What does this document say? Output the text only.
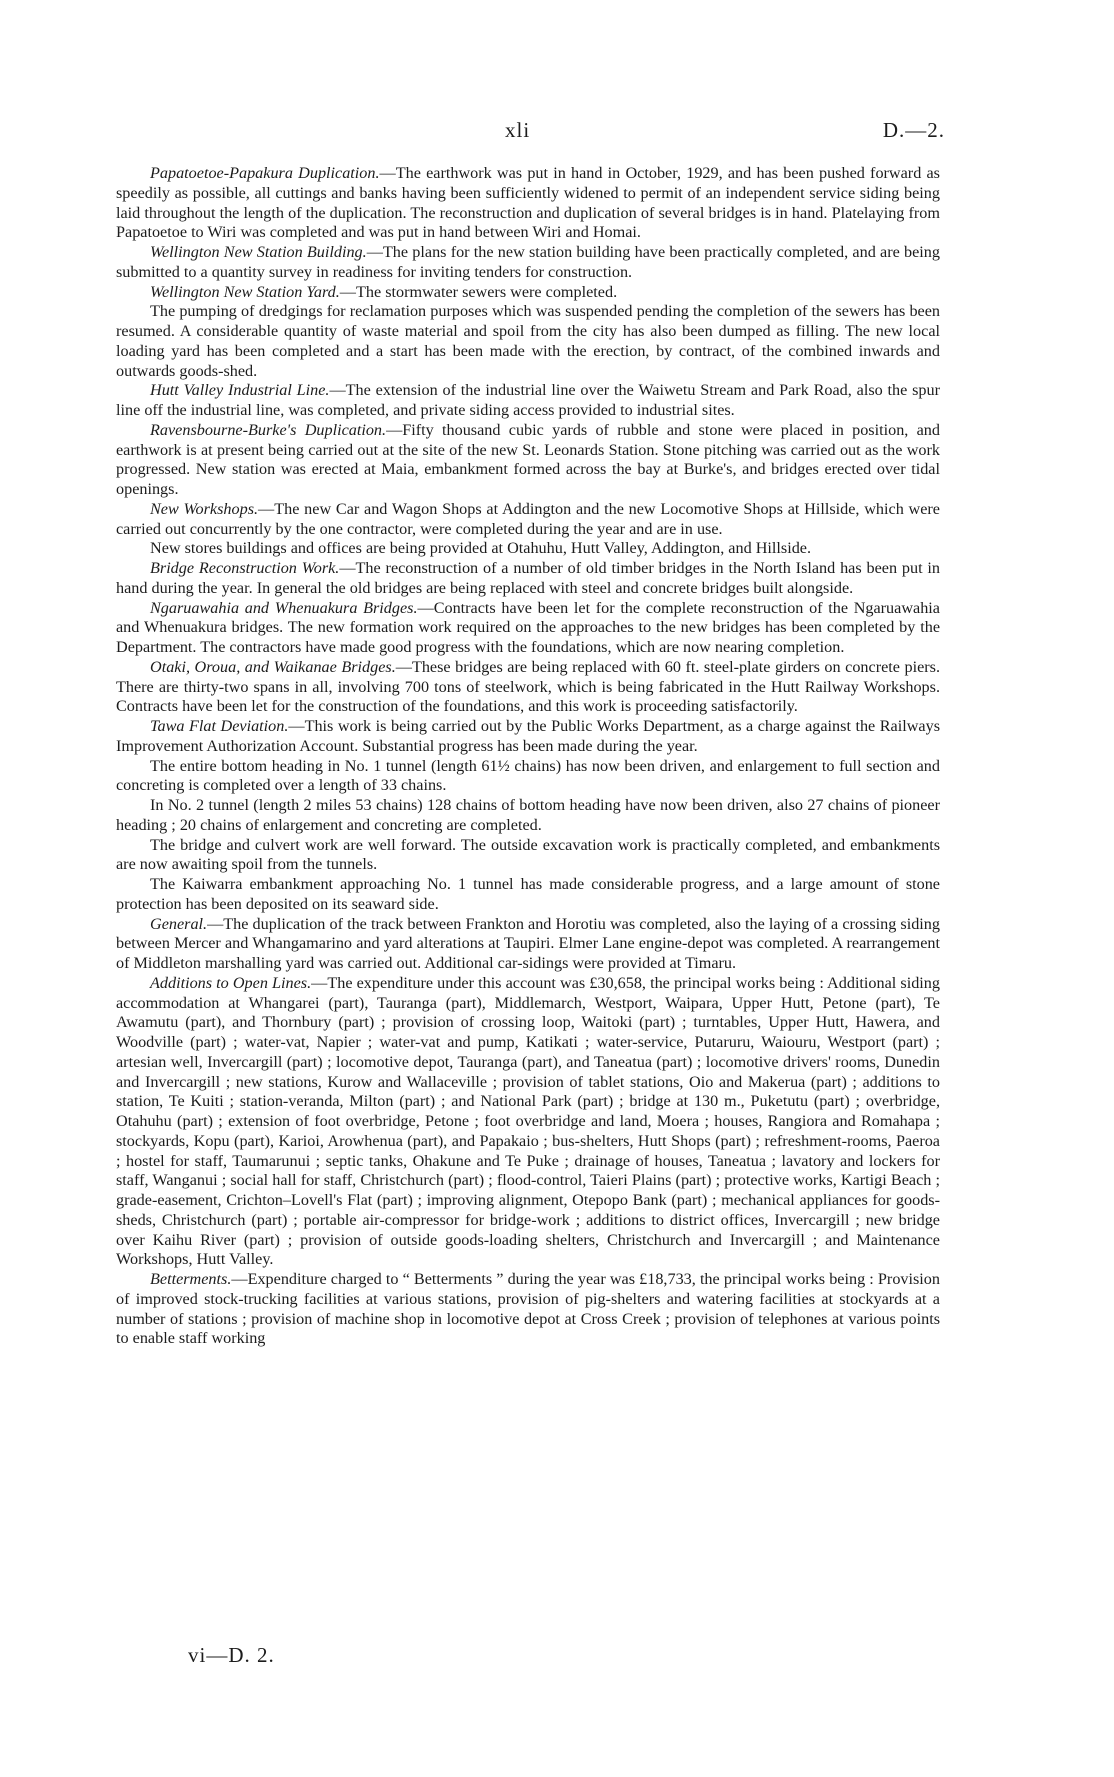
xli	D.—2.

Papatoetoe-Papakura Duplication.—The earthwork was put in hand in October, 1929, and has been pushed forward as speedily as possible, all cuttings and banks having been sufficiently widened to permit of an independent service siding being laid throughout the length of the duplication. The reconstruction and duplication of several bridges is in hand. Platelaying from Papatoetoe to Wiri was completed and was put in hand between Wiri and Homai.

Wellington New Station Building.—The plans for the new station building have been practically completed, and are being submitted to a quantity survey in readiness for inviting tenders for construction.

Wellington New Station Yard.—The stormwater sewers were completed.

The pumping of dredgings for reclamation purposes which was suspended pending the completion of the sewers has been resumed. A considerable quantity of waste material and spoil from the city has also been dumped as filling. The new local loading yard has been completed and a start has been made with the erection, by contract, of the combined inwards and outwards goods-shed.

Hutt Valley Industrial Line.—The extension of the industrial line over the Waiwetu Stream and Park Road, also the spur line off the industrial line, was completed, and private siding access provided to industrial sites.

Ravensbourne-Burke's Duplication.—Fifty thousand cubic yards of rubble and stone were placed in position, and earthwork is at present being carried out at the site of the new St. Leonards Station. Stone pitching was carried out as the work progressed. New station was erected at Maia, embankment formed across the bay at Burke's, and bridges erected over tidal openings.

New Workshops.—The new Car and Wagon Shops at Addington and the new Locomotive Shops at Hillside, which were carried out concurrently by the one contractor, were completed during the year and are in use.

New stores buildings and offices are being provided at Otahuhu, Hutt Valley, Addington, and Hillside.

Bridge Reconstruction Work.—The reconstruction of a number of old timber bridges in the North Island has been put in hand during the year. In general the old bridges are being replaced with steel and concrete bridges built alongside.

Ngaruawahia and Whenuakura Bridges.—Contracts have been let for the complete reconstruction of the Ngaruawahia and Whenuakura bridges. The new formation work required on the approaches to the new bridges has been completed by the Department. The contractors have made good progress with the foundations, which are now nearing completion.

Otaki, Oroua, and Waikanae Bridges.—These bridges are being replaced with 60 ft. steel-plate girders on concrete piers. There are thirty-two spans in all, involving 700 tons of steelwork, which is being fabricated in the Hutt Railway Workshops. Contracts have been let for the construction of the foundations, and this work is proceeding satisfactorily.

Tawa Flat Deviation.—This work is being carried out by the Public Works Department, as a charge against the Railways Improvement Authorization Account. Substantial progress has been made during the year.

The entire bottom heading in No. 1 tunnel (length 61½ chains) has now been driven, and enlargement to full section and concreting is completed over a length of 33 chains.

In No. 2 tunnel (length 2 miles 53 chains) 128 chains of bottom heading have now been driven, also 27 chains of pioneer heading ; 20 chains of enlargement and concreting are completed.

The bridge and culvert work are well forward. The outside excavation work is practically completed, and embankments are now awaiting spoil from the tunnels.

The Kaiwarra embankment approaching No. 1 tunnel has made considerable progress, and a large amount of stone protection has been deposited on its seaward side.

General.—The duplication of the track between Frankton and Horotiu was completed, also the laying of a crossing siding between Mercer and Whangamarino and yard alterations at Taupiri. Elmer Lane engine-depot was completed. A rearrangement of Middleton marshalling yard was carried out. Additional car-sidings were provided at Timaru.

Additions to Open Lines.—The expenditure under this account was £30,658, the principal works being : Additional siding accommodation at Whangarei (part), Tauranga (part), Middlemarch, Westport, Waipara, Upper Hutt, Petone (part), Te Awamutu (part), and Thornbury (part) ; provision of crossing loop, Waitoki (part) ; turntables, Upper Hutt, Hawera, and Woodville (part) ; water-vat, Napier ; water-vat and pump, Katikati ; water-service, Putaruru, Waiouru, Westport (part) ; artesian well, Invercargill (part) ; locomotive depot, Tauranga (part), and Taneatua (part) ; locomotive drivers' rooms, Dunedin and Invercargill ; new stations, Kurow and Wallaceville ; provision of tablet stations, Oio and Makerua (part) ; additions to station, Te Kuiti ; station-veranda, Milton (part) ; and National Park (part) ; bridge at 130 m., Puketutu (part) ; overbridge, Otahuhu (part) ; extension of foot overbridge, Petone ; foot overbridge and land, Moera ; houses, Rangiora and Romahapa ; stockyards, Kopu (part), Karioi, Arowhenua (part), and Papakaio ; bus-shelters, Hutt Shops (part) ; refreshment-rooms, Paeroa ; hostel for staff, Taumarunui ; septic tanks, Ohakune and Te Puke ; drainage of houses, Taneatua ; lavatory and lockers for staff, Wanganui ; social hall for staff, Christchurch (part) ; flood-control, Taieri Plains (part) ; protective works, Kartigi Beach ; grade-easement, Crichton–Lovell's Flat (part) ; improving alignment, Otepopo Bank (part) ; mechanical appliances for goods-sheds, Christchurch (part) ; portable air-compressor for bridge-work ; additions to district offices, Invercargill ; new bridge over Kaihu River (part) ; provision of outside goods-loading shelters, Christchurch and Invercargill ; and Maintenance Workshops, Hutt Valley.

Betterments.—Expenditure charged to “ Betterments ” during the year was £18,733, the principal works being : Provision of improved stock-trucking facilities at various stations, provision of pig-shelters and watering facilities at stockyards at a number of stations ; provision of machine shop in locomotive depot at Cross Creek ; provision of telephones at various points to enable staff working

vi—D. 2.
